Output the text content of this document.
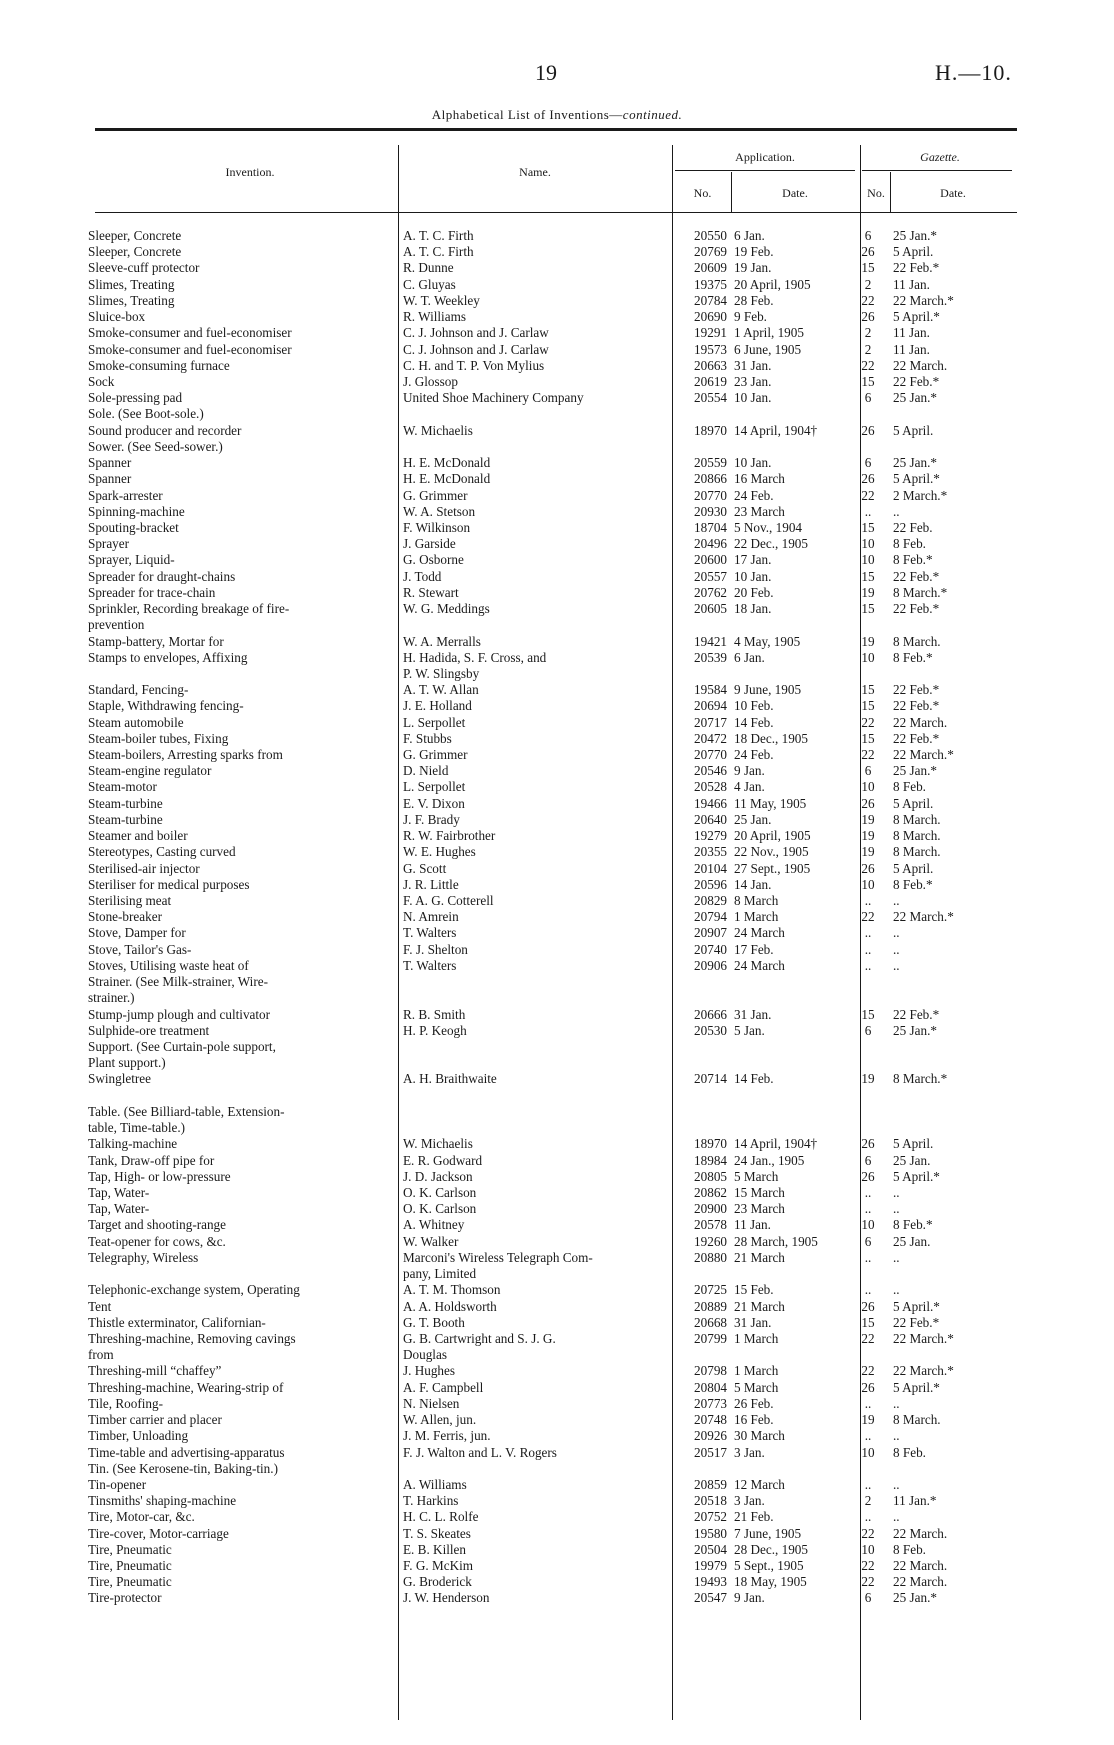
19	H.—10.
Alphabetical List of Inventions—continued.
Invention.	Name.
Application.	Gazette.
No.	Date.	No.	Date.
Sleeper, Concrete	A. T. C. Firth	20550 6 Jan.	6	25 Jan.*
Sleeper, Concrete	A. T. C. Firth	20769 19 Feb.	26	5 April.
Sleeve-cuff protector	R. Dunne	20609 19 Jan.	15	22 Feb.*
Slimes, Treating	C. Gluyas	19375 20 April, 1905	2	11 Jan.
Slimes, Treating	W. T. Weekley	20784 28 Feb.	22	22 March.*
Sluice-box	R. Williams	20690 9 Feb.	26	5 April.*
Smoke-consumer and fuel-economiser	C. J. Johnson and J. Carlaw	19291 1 April, 1905	2	11 Jan.
Smoke-consumer and fuel-economiser	C. J. Johnson and J. Carlaw	19573 6 June, 1905	2	11 Jan.
Smoke-consuming furnace	C. H. and T. P. Von Mylius	20663 31 Jan.	22	22 March.
Sock	J. Glossop	20619 23 Jan.	15	22 Feb.*
Sole-pressing pad	United Shoe Machinery Company	20554 10 Jan.	6	25 Jan.*
Sole. (See Boot-sole.)
Sound producer and recorder	W. Michaelis	18970 14 April, 1904†	26	5 April.
Sower. (See Seed-sower.)
Spanner	H. E. McDonald	20559 10 Jan.	6	25 Jan.*
Spanner	H. E. McDonald	20866 16 March	26	5 April.*
Spark-arrester	G. Grimmer	20770 24 Feb.	22	2 March.*
Spinning-machine	W. A. Stetson	20930 23 March	..	..
Spouting-bracket	F. Wilkinson	18704 5 Nov., 1904	15	22 Feb.
Sprayer	J. Garside	20496 22 Dec., 1905	10	8 Feb.
Sprayer, Liquid-	G. Osborne	20600 17 Jan.	10	8 Feb.*
Spreader for draught-chains	J. Todd	20557 10 Jan.	15	22 Feb.*
Spreader for trace-chain	R. Stewart	20762 20 Feb.	19	8 March.*
Sprinkler, Recording breakage of fire-	W. G. Meddings	20605 18 Jan.	15	22 Feb.*
prevention
Stamp-battery, Mortar for	W. A. Merralls	19421 4 May, 1905	19	8 March.
Stamps to envelopes, Affixing	H. Hadida, S. F. Cross, and	20539 6 Jan.	10	8 Feb.*
P. W. Slingsby
Standard, Fencing-	A. T. W. Allan	19584 9 June, 1905	15	22 Feb.*
Staple, Withdrawing fencing-	J. E. Holland	20694 10 Feb.	15	22 Feb.*
Steam automobile	L. Serpollet	20717 14 Feb.	22	22 March.
Steam-boiler tubes, Fixing	F. Stubbs	20472 18 Dec., 1905	15	22 Feb.*
Steam-boilers, Arresting sparks from	G. Grimmer	20770 24 Feb.	22	22 March.*
Steam-engine regulator	D. Nield	20546 9 Jan.	6	25 Jan.*
Steam-motor	L. Serpollet	20528 4 Jan.	10	8 Feb.
Steam-turbine	E. V. Dixon	19466 11 May, 1905	26	5 April.
Steam-turbine	J. F. Brady	20640 25 Jan.	19	8 March.
Steamer and boiler	R. W. Fairbrother	19279 20 April, 1905	19	8 March.
Stereotypes, Casting curved	W. E. Hughes	20355 22 Nov., 1905	19	8 March.
Sterilised-air injector	G. Scott	20104 27 Sept., 1905	26	5 April.
Steriliser for medical purposes	J. R. Little	20596 14 Jan.	10	8 Feb.*
Sterilising meat	F. A. G. Cotterell	20829 8 March	..	..
Stone-breaker	N. Amrein	20794 1 March	22	22 March.*
Stove, Damper for	T. Walters	20907 24 March	..	..
Stove, Tailor's Gas-	F. J. Shelton	20740 17 Feb.	..	..
Stoves, Utilising waste heat of	T. Walters	20906 24 March	..	..
Strainer. (See Milk-strainer, Wire-
strainer.)
Stump-jump plough and cultivator	R. B. Smith	20666 31 Jan.	15	22 Feb.*
Sulphide-ore treatment	H. P. Keogh	20530 5 Jan.	6	25 Jan.*
Support. (See Curtain-pole support,
Plant support.)
Swingletree	A. H. Braithwaite	20714 14 Feb.	19	8 March.*
Table. (See Billiard-table, Extension-
table, Time-table.)
Talking-machine	W. Michaelis	18970 14 April, 1904†	26	5 April.
Tank, Draw-off pipe for	E. R. Godward	18984 24 Jan., 1905	6	25 Jan.
Tap, High- or low-pressure	J. D. Jackson	20805 5 March	26	5 April.*
Tap, Water-	O. K. Carlson	20862 15 March	..	..
Tap, Water-	O. K. Carlson	20900 23 March	..	..
Target and shooting-range	A. Whitney	20578 11 Jan.	10	8 Feb.*
Teat-opener for cows, &c.	W. Walker	19260 28 March, 1905	6	25 Jan.
Telegraphy, Wireless	Marconi's Wireless Telegraph Com-	20880 21 March	..	..
pany, Limited
Telephonic-exchange system, Operating	A. T. M. Thomson	20725 15 Feb.	..	..
Tent	A. A. Holdsworth	20889 21 March	26	5 April.*
Thistle exterminator, Californian-	G. T. Booth	20668 31 Jan.	15	22 Feb.*
Threshing-machine, Removing cavings	G. B. Cartwright and S. J. G.	20799 1 March	22	22 March.*
from	Douglas
Threshing-mill “chaffey”	J. Hughes	20798 1 March	22	22 March.*
Threshing-machine, Wearing-strip of	A. F. Campbell	20804 5 March	26	5 April.*
Tile, Roofing-	N. Nielsen	20773 26 Feb.	..	..
Timber carrier and placer	W. Allen, jun.	20748 16 Feb.	19	8 March.
Timber, Unloading	J. M. Ferris, jun.	20926 30 March	..	..
Time-table and advertising-apparatus	F. J. Walton and L. V. Rogers	20517 3 Jan.	10	8 Feb.
Tin. (See Kerosene-tin, Baking-tin.)
Tin-opener	A. Williams	20859 12 March	..	..
Tinsmiths' shaping-machine	T. Harkins	20518 3 Jan.	2	11 Jan.*
Tire, Motor-car, &c.	H. C. L. Rolfe	20752 21 Feb.	..	..
Tire-cover, Motor-carriage	T. S. Skeates	19580 7 June, 1905	22	22 March.
Tire, Pneumatic	E. B. Killen	20504 28 Dec., 1905	10	8 Feb.
Tire, Pneumatic	F. G. McKim	19979 5 Sept., 1905	22	22 March.
Tire, Pneumatic	G. Broderick	19493 18 May, 1905	22	22 March.
Tire-protector	J. W. Henderson	20547 9 Jan.	6	25 Jan.*
